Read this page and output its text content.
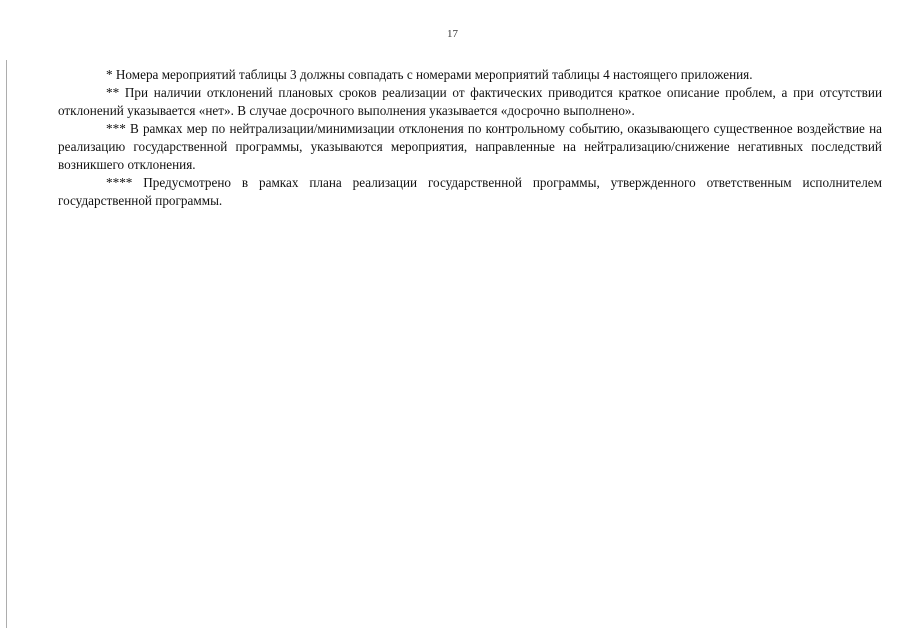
17

* Номера мероприятий таблицы 3 должны совпадать с номерами мероприятий таблицы 4 настоящего приложения.

** При наличии отклонений плановых сроков реализации от фактических приводится краткое описание проблем, а при отсутствии отклонений указывается «нет». В случае досрочного выполнения указывается «досрочно выполнено».

*** В рамках мер по нейтрализации/минимизации отклонения по контрольному событию, оказывающего существенное воздействие на реализацию государственной программы, указываются мероприятия, направленные на нейтрализацию/снижение негативных последствий возникшего отклонения.

**** Предусмотрено в рамках плана реализации государственной программы, утвержденного ответственным исполнителем государственной программы.
